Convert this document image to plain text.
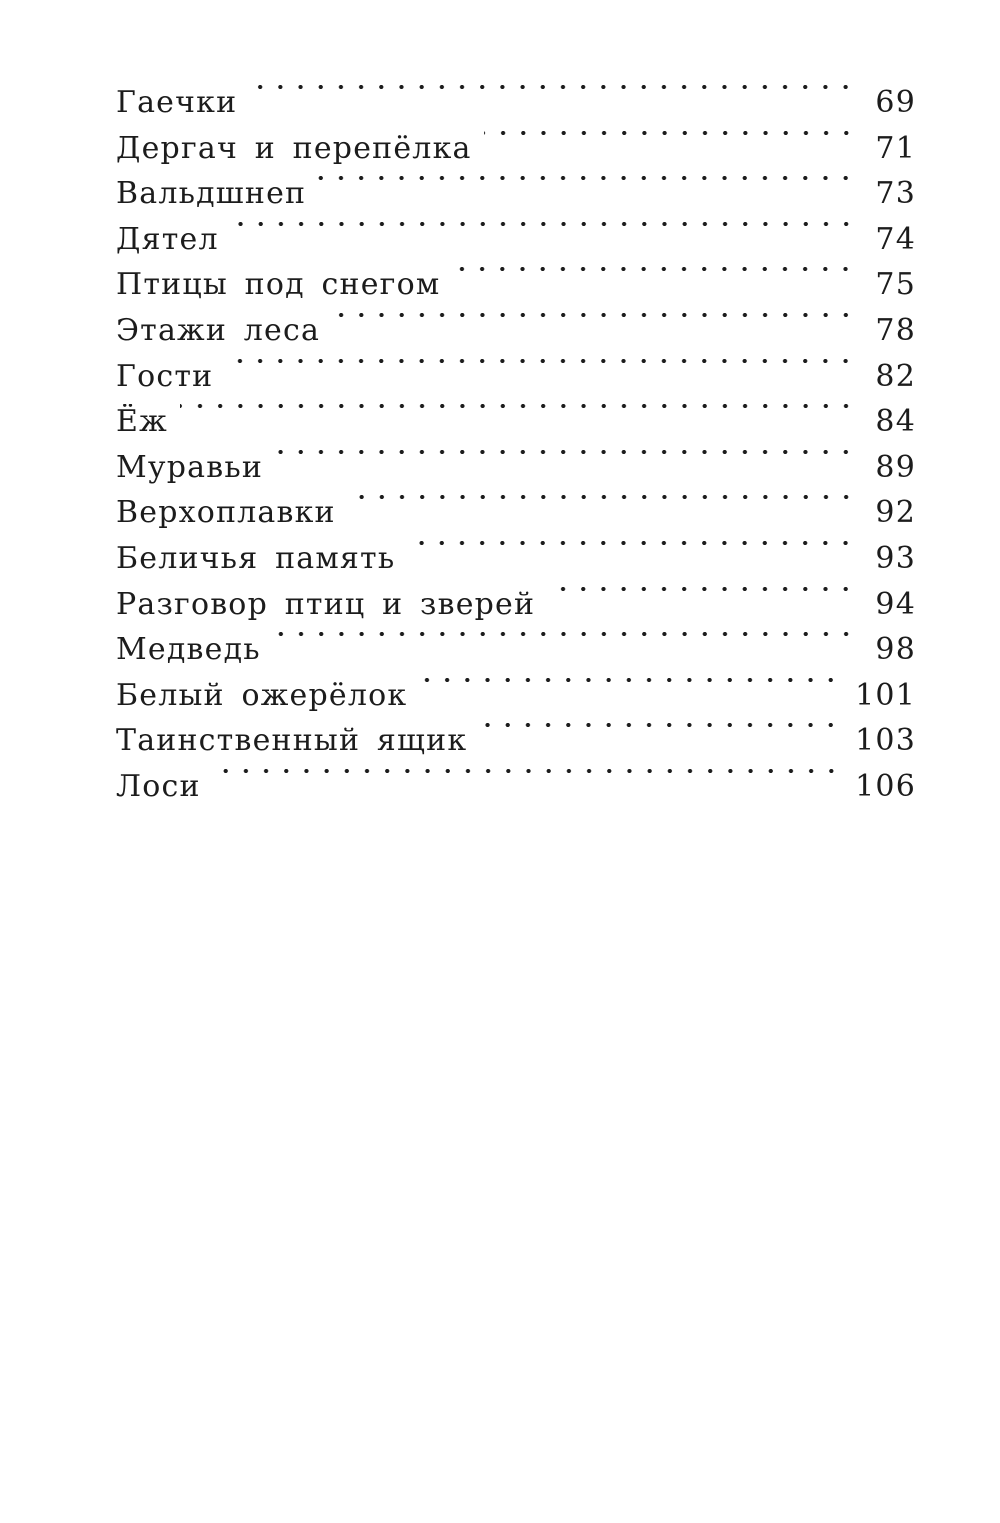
Гаечки	69
Дергач и перепёлка	71
Вальдшнеп	73
Дятел	74
Птицы под снегом	75
Этажи леса	78
Гости	82
Ёж	84
Муравьи	89
Верхоплавки	92
Беличья память	93
Разговор птиц и зверей	94
Медведь	98
Белый ожерёлок	101
Таинственный ящик	103
Лоси	106
